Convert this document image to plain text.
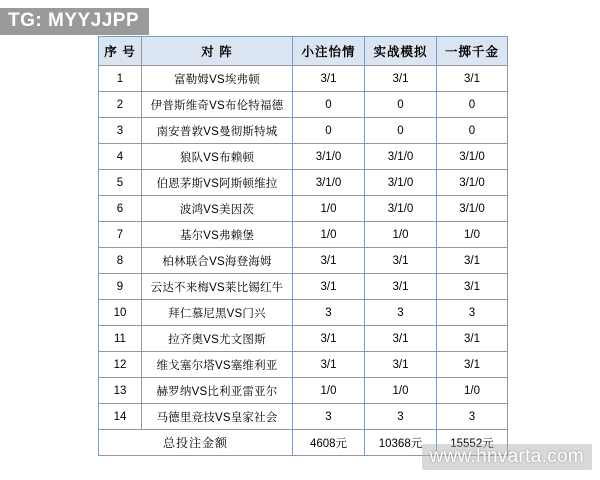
TG: MYYJJPP
序 号	对 阵	小注怡情	实战模拟	一掷千金
1	富勒姆VS埃弗顿	3/1	3/1	3/1
2	伊普斯维奇VS布伦特福德	0	0	0
3	南安普敦VS曼彻斯特城	0	0	0
4	狼队VS布赖顿	3/1/0	3/1/0	3/1/0
5	伯恩茅斯VS阿斯顿维拉	3/1/0	3/1/0	3/1/0
6	波鸿VS美因茨	1/0	3/1/0	3/1/0
7	基尔VS弗赖堡	1/0	1/0	1/0
8	柏林联合VS海登海姆	3/1	3/1	3/1
9	云达不来梅VS莱比锡红牛	3/1	3/1	3/1
10	拜仁慕尼黑VS门兴	3	3	3
11	拉齐奥VS尤文图斯	3/1	3/1	3/1
12	维戈塞尔塔VS塞维利亚	3/1	3/1	3/1
13	赫罗纳VS比利亚雷亚尔	1/0	1/0	1/0
14	马德里竞技VS皇家社会	3	3	3
总投注金额		4608元	10368元	15552元
www.hnvarta.com
